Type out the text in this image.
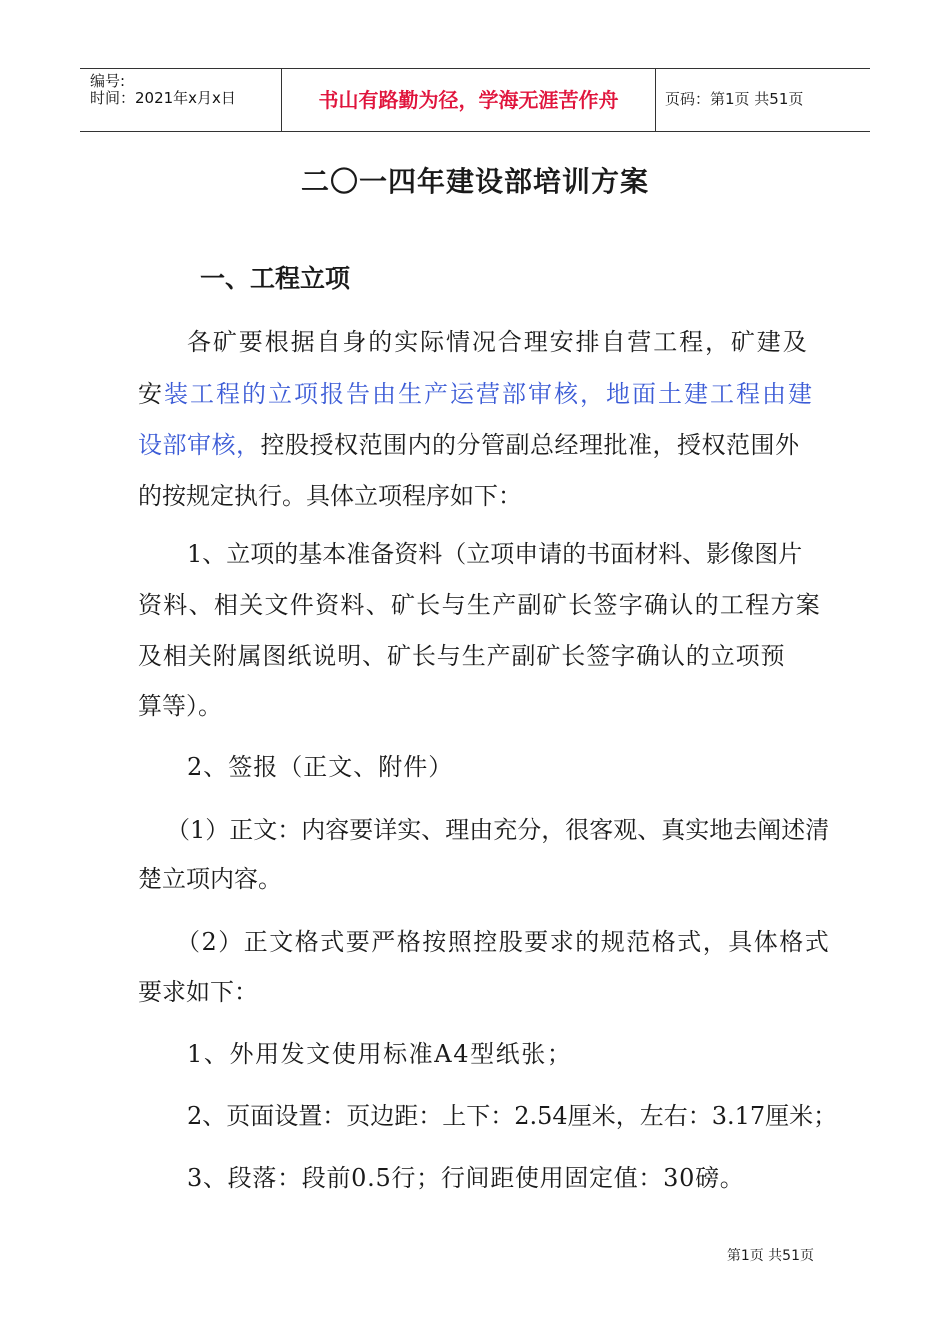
编号:
时间：2021年x月x日	书山有路勤为径，学海无涯苦作舟	页码：第1页 共51页
二〇一四年建设部培训方案
一、工程立项

各矿要根据自身的实际情况合理安排自营工程，矿建及

安装工程的立项报告由生产运营部审核，地面土建工程由建

设部审核，控股授权范围内的分管副总经理批准，授权范围外

的按规定执行。具体立项程序如下：

1、立项的基本准备资料（立项申请的书面材料、影像图片

资料、相关文件资料、矿长与生产副矿长签字确认的工程方案

及相关附属图纸说明、矿长与生产副矿长签字确认的立项预

算等）。

2、签报（正文、附件）

（1）正文：内容要详实、理由充分，很客观、真实地去阐述清

楚立项内容。

（2）正文格式要严格按照控股要求的规范格式，具体格式

要求如下：

1、外用发文使用标准A4型纸张；

2、页面设置：页边距：上下：2.54厘米，左右：3.17厘米；

3、段落：段前0.5行；行间距使用固定值：30磅。

第1页 共51页
